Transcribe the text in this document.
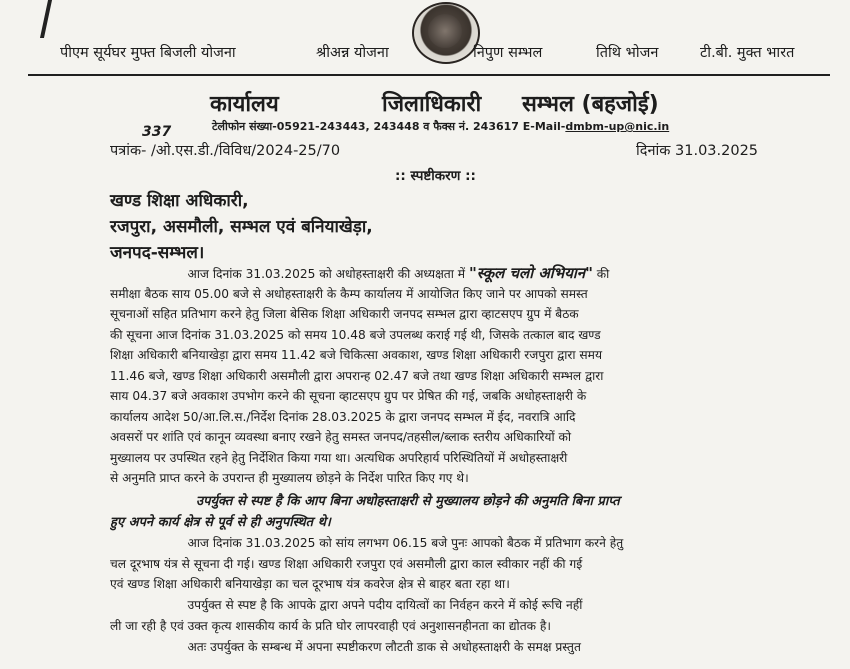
पीएम सूर्यघर मुफ्त बिजली योजना	श्रीअन्न योजना	निपुण सम्भल	तिथि भोजन	टी.बी. मुक्त भारत
कार्यालय	जिलाधिकारी सम्भल (बहजोई)
टेलीफोन संख्या-05921-243443, 243448 व फैक्स नं. 243617 E-Mail-dmbm-up@nic.in
337
पत्रांक- /ओ.एस.डी./विविध/2024-25/70	दिनांक 31.03.2025
:: स्पष्टीकरण ::
खण्ड शिक्षा अधिकारी,
रजपुरा, असमौली, सम्भल एवं बनियाखेड़ा,
जनपद-सम्भल।
आज दिनांक 31.03.2025 को अधोहस्ताक्षरी की अध्यक्षता में "स्कूल चलो अभियान" की
समीक्षा बैठक साय 05.00 बजे से अधोहस्ताक्षरी के कैम्प कार्यालय में आयोजित किए जाने पर आपको समस्त
सूचनाओं सहित प्रतिभाग करने हेतु जिला बेसिक शिक्षा अधिकारी जनपद सम्भल द्वारा व्हाटसएप ग्रुप में बैठक
की सूचना आज दिनांक 31.03.2025 को समय 10.48 बजे उपलब्ध कराई गई थी, जिसके तत्काल बाद खण्ड
शिक्षा अधिकारी बनियाखेड़ा द्वारा समय 11.42 बजे चिकित्सा अवकाश, खण्ड शिक्षा अधिकारी रजपुरा द्वारा समय
11.46 बजे, खण्ड शिक्षा अधिकारी असमौली द्वारा अपरान्ह 02.47 बजे तथा खण्ड शिक्षा अधिकारी सम्भल द्वारा
साय 04.37 बजे अवकाश उपभोग करने की सूचना व्हाटसएप ग्रुप पर प्रेषित की गई, जबकि अधोहस्ताक्षरी के
कार्यालय आदेश 50/आ.लि.स./निर्देश दिनांक 28.03.2025 के द्वारा जनपद सम्भल में ईद, नवरात्रि आदि
अवसरों पर शांति एवं कानून व्यवस्था बनाए रखने हेतु समस्त जनपद/तहसील/ब्लाक स्तरीय अधिकारियों को
मुख्यालय पर उपस्थित रहने हेतु निर्देशित किया गया था। अत्यधिक अपरिहार्य परिस्थितियों में अधोहस्ताक्षरी
से अनुमति प्राप्त करने के उपरान्त ही मुख्यालय छोड़ने के निर्देश पारित किए गए थे।
उपर्युक्त से स्पष्ट है कि आप बिना अधोहस्ताक्षरी से मुख्यालय छोड़ने की अनुमति बिना प्राप्त
हुए अपने कार्य क्षेत्र से पूर्व से ही अनुपस्थित थे।
आज दिनांक 31.03.2025 को सांय लगभग 06.15 बजे पुनः आपको बैठक में प्रतिभाग करने हेतु
चल दूरभाष यंत्र से सूचना दी गई। खण्ड शिक्षा अधिकारी रजपुरा एवं असमौली द्वारा काल स्वीकार नहीं की गई
एवं खण्ड शिक्षा अधिकारी बनियाखेड़ा का चल दूरभाष यंत्र कवरेज क्षेत्र से बाहर बता रहा था।
उपर्युक्त से स्पष्ट है कि आपके द्वारा अपने पदीय दायित्वों का निर्वहन करने में कोई रूचि नहीं
ली जा रही है एवं उक्त कृत्य शासकीय कार्य के प्रति घोर लापरवाही एवं अनुशासनहीनता का द्योतक है।
अतः उपर्युक्त के सम्बन्ध में अपना स्पष्टीकरण लौटती डाक से अधोहस्ताक्षरी के समक्ष प्रस्तुत
